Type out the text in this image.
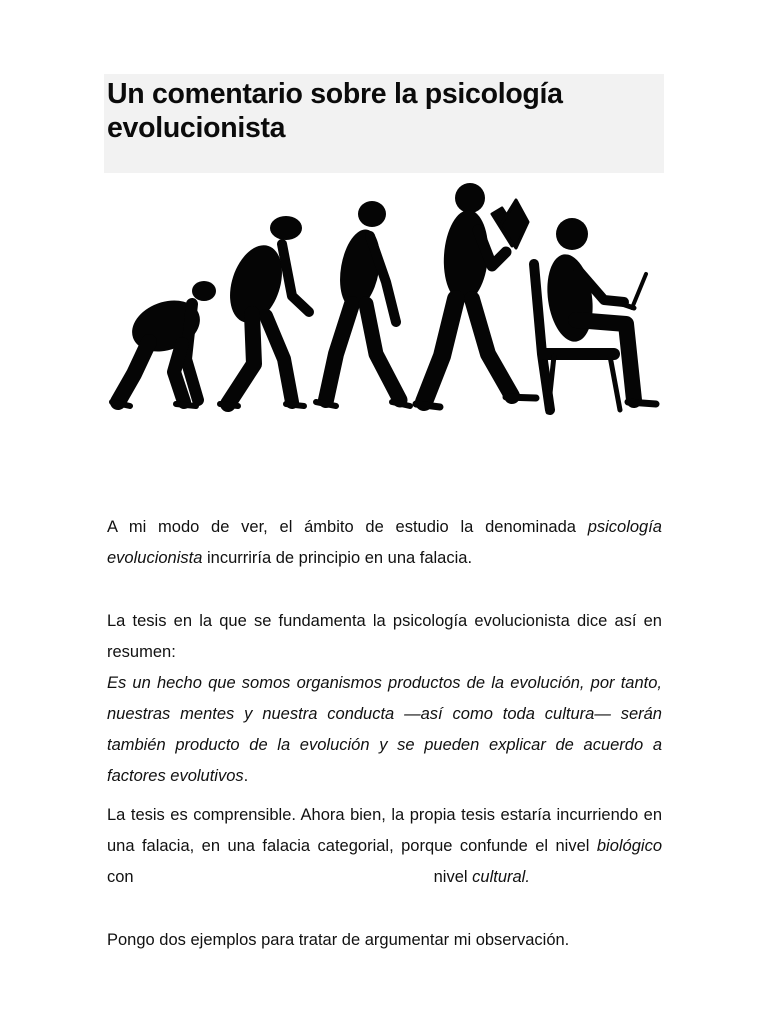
Un comentario sobre la psicología evolucionista

A mi modo de ver, el ámbito de estudio la denominada psicología evolucionista incurriría de principio en una falacia.

La tesis en la que se fundamenta la psicología evolucionista dice así en resumen:

Es un hecho que somos organismos productos de la evolución, por tanto, nuestras mentes y nuestra conducta —así como toda cultura— serán también producto de la evolución y se pueden explicar de acuerdo a factores evolutivos.

La tesis es comprensible. Ahora bien, la propia tesis estaría incurriendo en una falacia, en una falacia categorial, porque confunde el nivel biológico con	nivel cultural.

Pongo dos ejemplos para tratar de argumentar mi observación.
